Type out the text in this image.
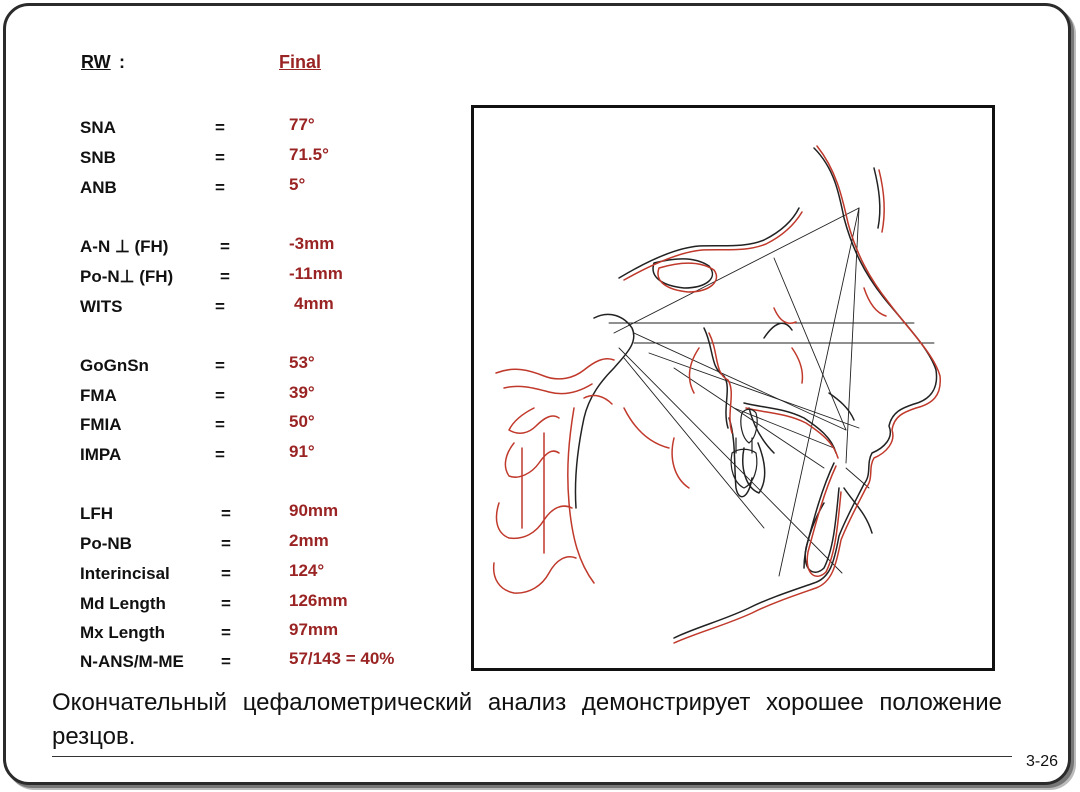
RW :	Final
SNA	=	77°
SNB	=	71.5°
ANB	=	5°
A-N ⊥ (FH)	=	-3mm
Po-N⊥ (FH)	=	-11mm
WITS	=	4mm
GoGnSn	=	53°
FMA	=	39°
FMIA	=	50°
IMPA	=	91°
LFH	=	90mm
Po-NB	=	2mm
Interincisal	=	124°
Md Length	=	126mm
Mx Length	=	97mm
N-ANS/M-ME =	57/143 = 40%
Окончательный цефалометрический анализ демонстрирует хорошее положение резцов.
3-26
